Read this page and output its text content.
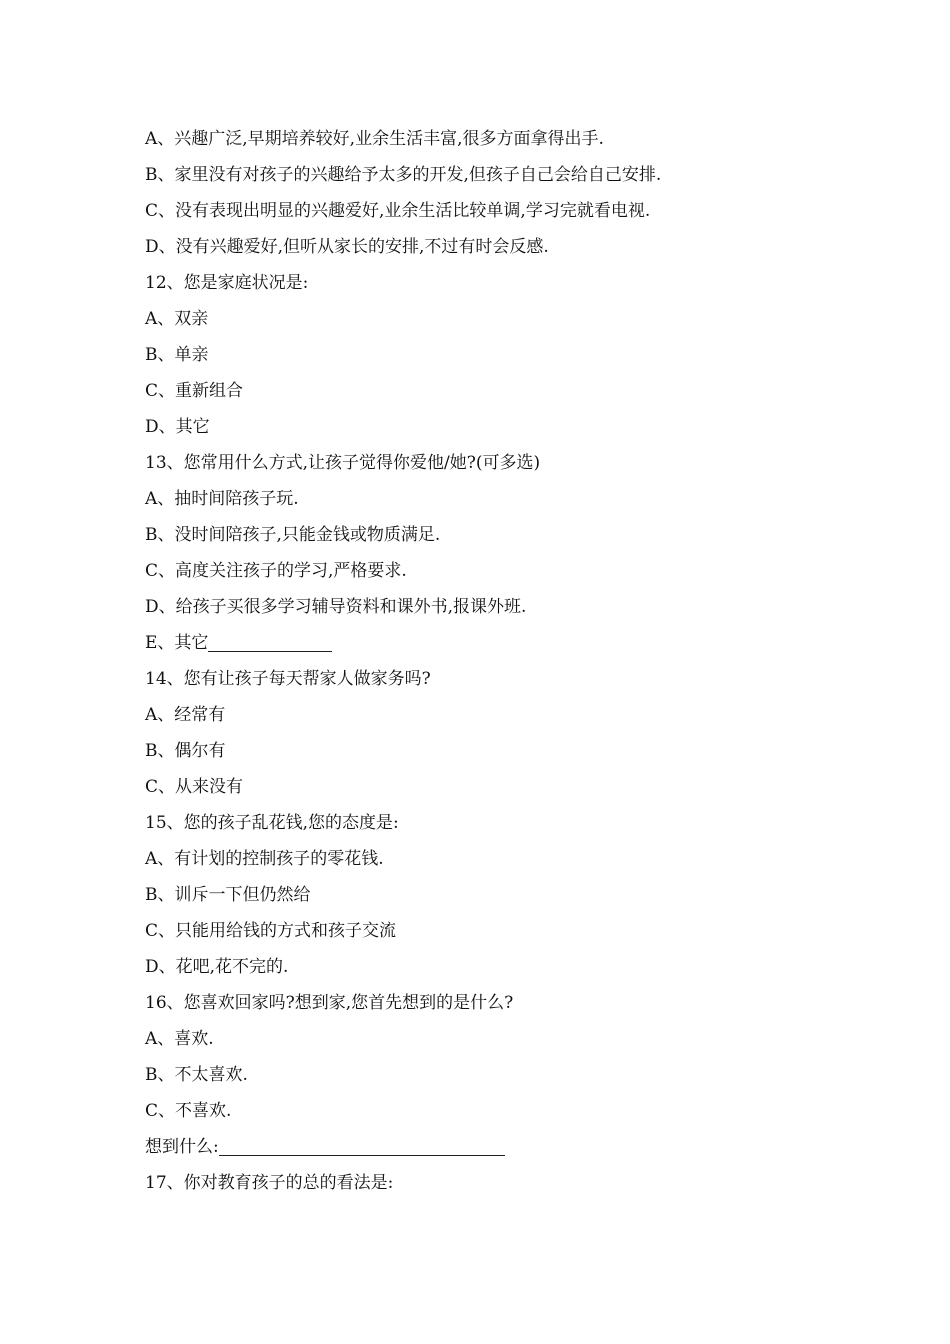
A、兴趣广泛,早期培养较好,业余生活丰富,很多方面拿得出手.
B、家里没有对孩子的兴趣给予太多的开发,但孩子自己会给自己安排.
C、没有表现出明显的兴趣爱好,业余生活比较单调,学习完就看电视.
D、没有兴趣爱好,但听从家长的安排,不过有时会反感.
12、您是家庭状况是:
A、双亲
B、单亲
C、重新组合
D、其它
13、您常用什么方式,让孩子觉得你爱他/她?(可多选)
A、抽时间陪孩子玩.
B、没时间陪孩子,只能金钱或物质满足.
C、高度关注孩子的学习,严格要求.
D、给孩子买很多学习辅导资料和课外书,报课外班.
E、其它
14、您有让孩子每天帮家人做家务吗?
A、经常有
B、偶尔有
C、从来没有
15、您的孩子乱花钱,您的态度是:
A、有计划的控制孩子的零花钱.
B、训斥一下但仍然给
C、只能用给钱的方式和孩子交流
D、花吧,花不完的.
16、您喜欢回家吗?想到家,您首先想到的是什么?
A、喜欢.
B、不太喜欢.
C、不喜欢.
想到什么:
17、你对教育孩子的总的看法是:
